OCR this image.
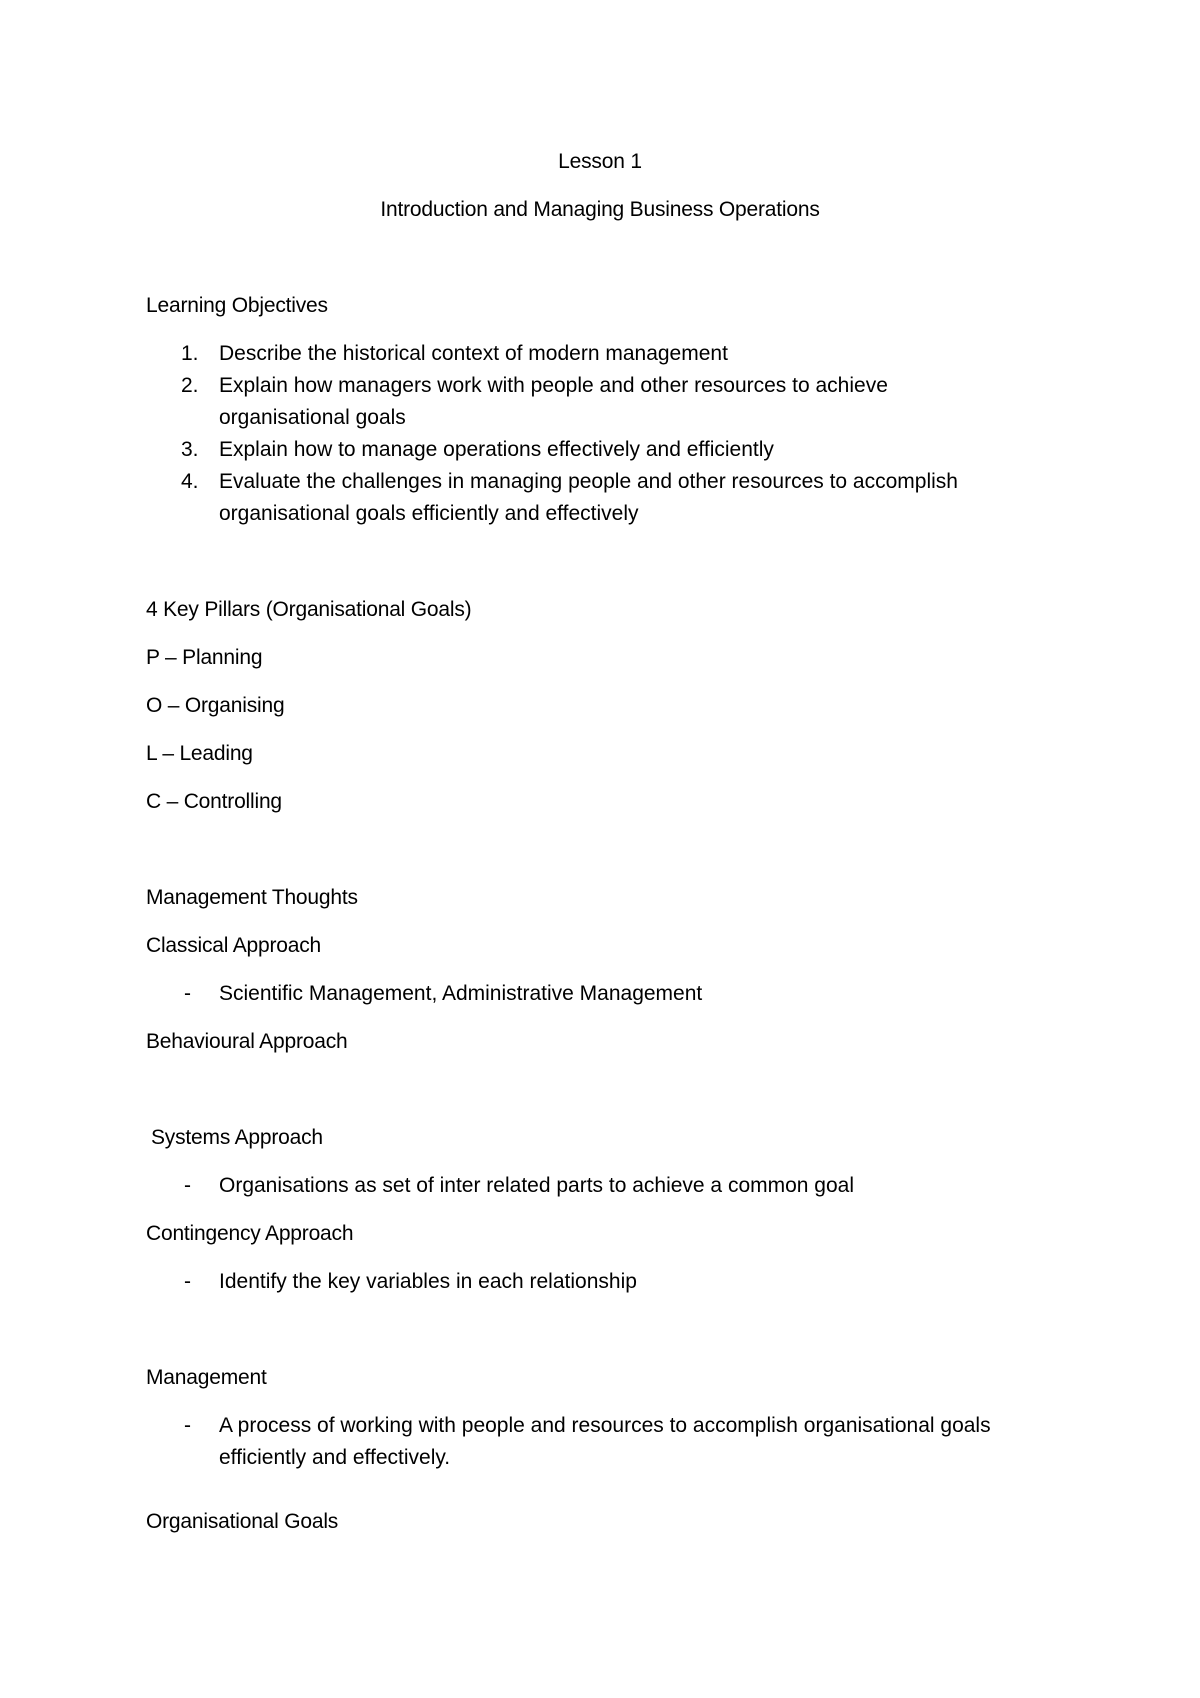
Lesson 1
Introduction and Managing Business Operations
Learning Objectives
1. Describe the historical context of modern management
2. Explain how managers work with people and other resources to achieve organisational goals
3. Explain how to manage operations effectively and efficiently
4. Evaluate the challenges in managing people and other resources to accomplish organisational goals efficiently and effectively
4 Key Pillars (Organisational Goals)
P – Planning
O – Organising
L – Leading
C – Controlling
Management Thoughts
Classical Approach
- Scientific Management, Administrative Management
Behavioural Approach
Systems Approach
- Organisations as set of inter related parts to achieve a common goal
Contingency Approach
- Identify the key variables in each relationship
Management
- A process of working with people and resources to accomplish organisational goals efficiently and effectively.
Organisational Goals
